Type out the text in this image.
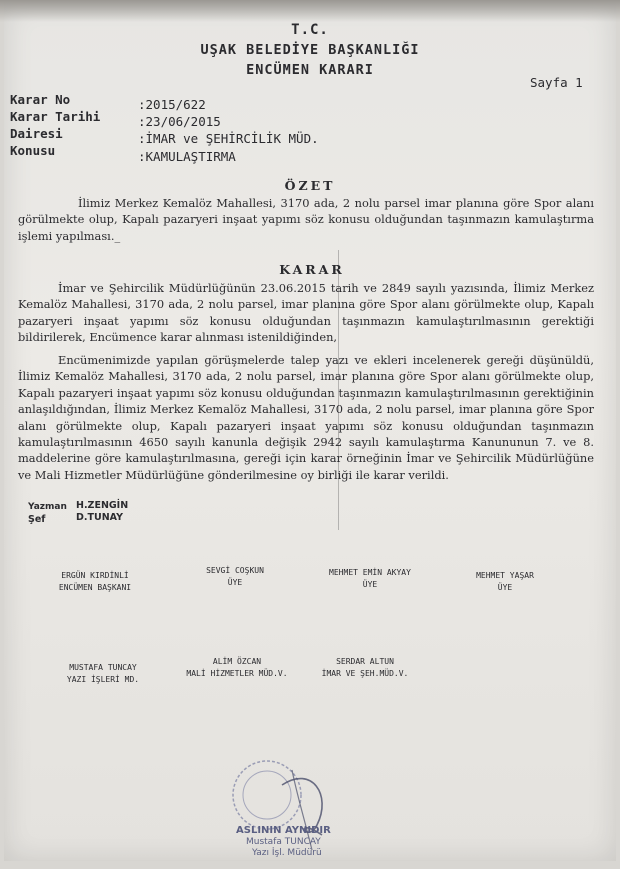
T.C.
UŞAK BELEDİYE BAŞKANLIĞI
ENCÜMEN KARARI
Sayfa 1
Karar No	:2015/622
Karar Tarihi	:23/06/2015
Dairesi	:İMAR ve ŞEHİRCİLİK MÜD.
Konusu	:KAMULAŞTIRMA
ÖZET
İlimiz Merkez Kemalöz Mahallesi, 3170 ada, 2 nolu parsel imar planına göre Spor alanı görülmekte olup, Kapalı pazaryeri inşaat yapımı söz konusu olduğundan taşınmazın kamulaştırma işlemi yapılması._
KARAR
İmar ve Şehircilik Müdürlüğünün 23.06.2015 tarih ve 2849 sayılı yazısında, İlimiz Merkez Kemalöz Mahallesi, 3170 ada, 2 nolu parsel, imar planına göre Spor alanı görülmekte olup, Kapalı pazaryeri inşaat yapımı söz konusu olduğundan taşınmazın kamulaştırılmasının gerektiği bildirilerek, Encümence karar alınması istenildiğinden,
Encümenimizde yapılan görüşmelerde talep yazı ve ekleri incelenerek gereği düşünüldü, İlimiz Kemalöz Mahallesi, 3170 ada, 2 nolu parsel, imar planına göre Spor alanı görülmekte olup, Kapalı pazaryeri inşaat yapımı söz konusu olduğundan taşınmazın kamulaştırılmasının gerektiğinin anlaşıldığından, İlimiz Merkez Kemalöz Mahallesi, 3170 ada, 2 nolu parsel, imar planına göre Spor alanı görülmekte olup, Kapalı pazaryeri inşaat yapımı söz konusu olduğundan taşınmazın kamulaştırılmasının 4650 sayılı kanunla değişik 2942 sayılı kamulaştırma Kanununun 7. ve 8. maddelerine göre kamulaştırılmasına, gereği için karar örneğinin İmar ve Şehircilik Müdürlüğüne ve Mali Hizmetler Müdürlüğüne gönderilmesine oy birliği ile karar verildi.
Yazman H.ZENGİN
Şef	D.TUNAY
ERGÜN KIRDİNLİ
ENCÜMEN BAŞKANI
SEVGİ COŞKUN
ÜYE
MEHMET EMİN AKYAY
ÜYE
MEHMET YAŞAR
ÜYE
MUSTAFA TUNCAY
YAZI İŞLERİ MD.
ALİM ÖZCAN
MALİ HİZMETLER MÜD.V.
SERDAR ALTUN
İMAR VE ŞEH.MÜD.V.
ASLININ AYNIDIR
Mustafa TUNCAY
Yazı İşl. Müdürü
